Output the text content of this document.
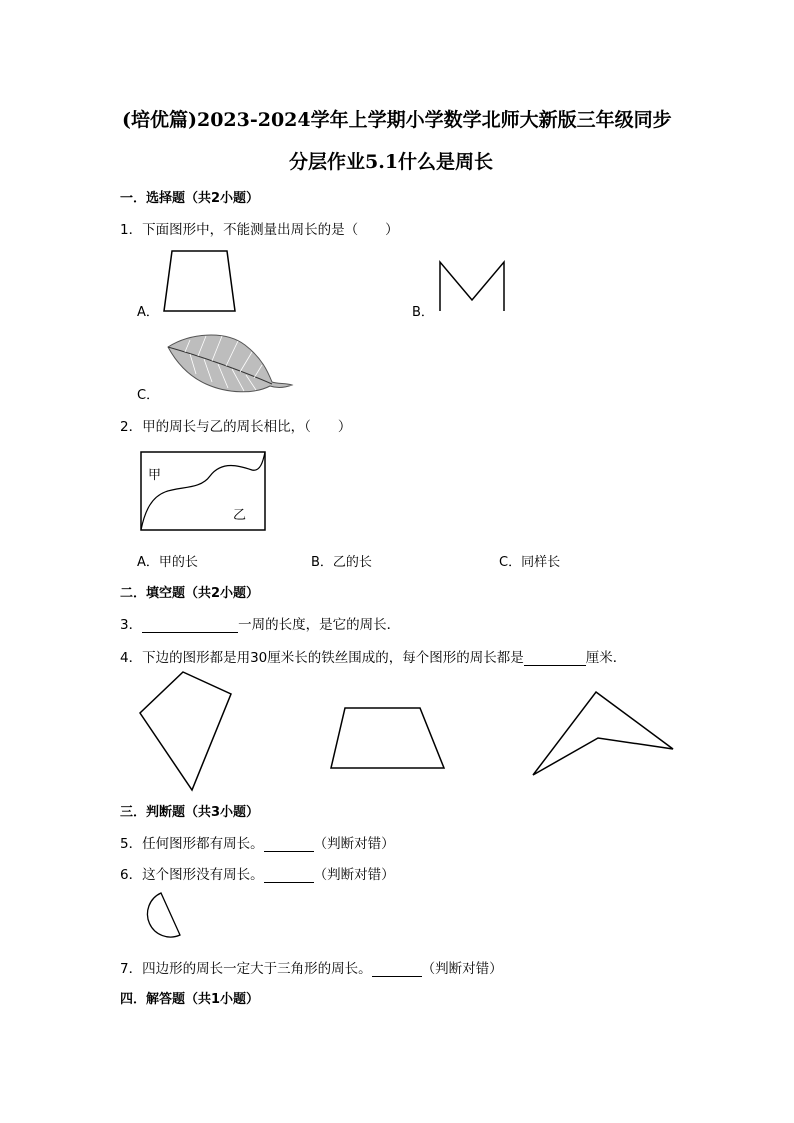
(培优篇)2023-2024学年上学期小学数学北师大新版三年级同步
分层作业5.1什么是周长
一．选择题（共2小题）
1．下面图形中，不能测量出周长的是（　　）
A．	B．
C．
2．甲的周长与乙的周长相比，（　　）
甲
乙
A．甲的长	B．乙的长	C．同样长
二．填空题（共2小题）
3．	一周的长度，是它的周长．
4．下边的图形都是用30厘米长的铁丝围成的，每个图形的周长都是	厘米．
三．判断题（共3小题）
5．任何图形都有周长。	（判断对错）
6．这个图形没有周长。	（判断对错）
7．四边形的周长一定大于三角形的周长。	（判断对错）
四．解答题（共1小题）
